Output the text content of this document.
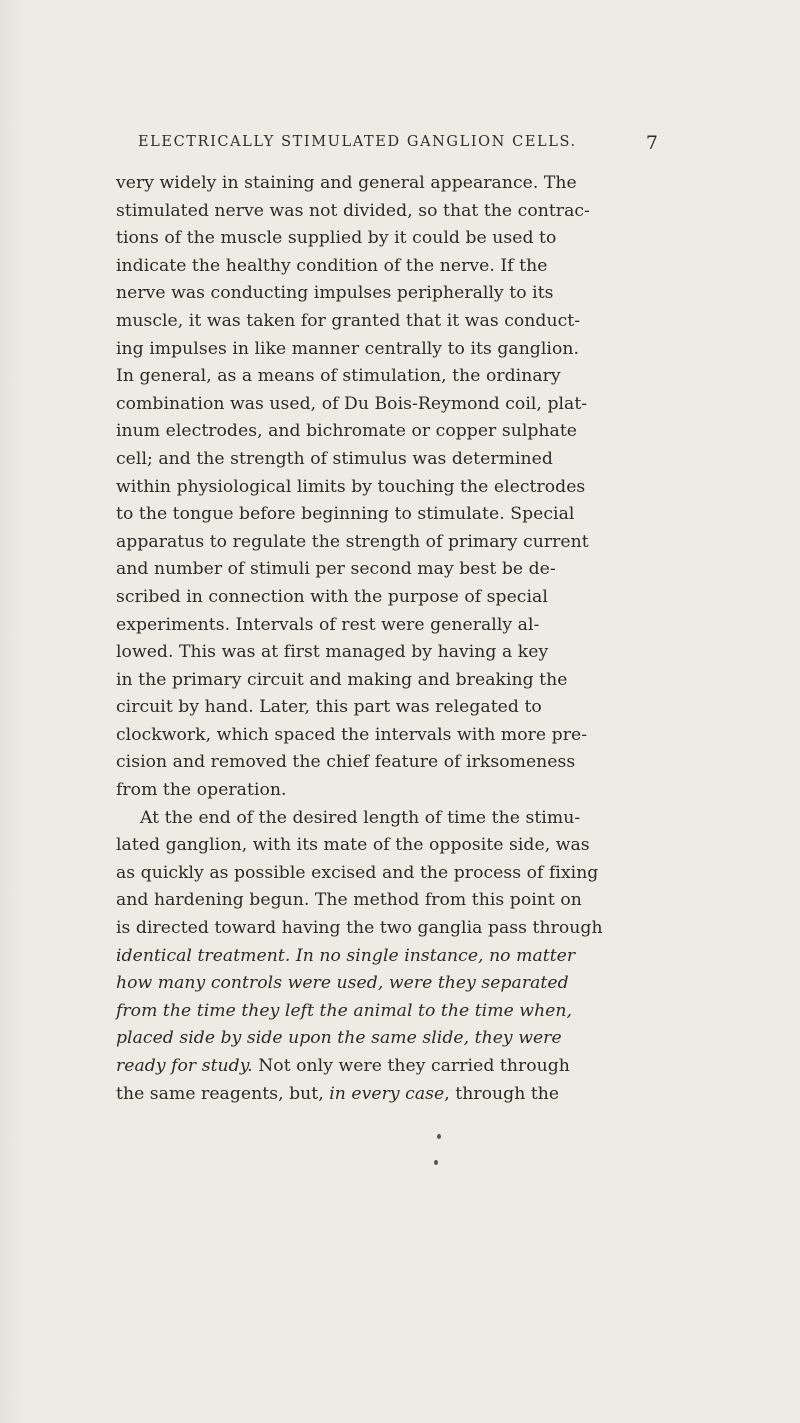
ELECTRICALLY STIMULATED GANGLION CELLS.	7
very widely in staining and general appearance. The
stimulated nerve was not divided, so that the contrac-
tions of the muscle supplied by it could be used to
indicate the healthy condition of the nerve. If the
nerve was conducting impulses peripherally to its
muscle, it was taken for granted that it was conduct-
ing impulses in like manner centrally to its ganglion.
In general, as a means of stimulation, the ordinary
combination was used, of Du Bois-Reymond coil, plat-
inum electrodes, and bichromate or copper sulphate
cell; and the strength of stimulus was determined
within physiological limits by touching the electrodes
to the tongue before beginning to stimulate. Special
apparatus to regulate the strength of primary current
and number of stimuli per second may best be de-
scribed in connection with the purpose of special
experiments. Intervals of rest were generally al-
lowed. This was at first managed by having a key
in the primary circuit and making and breaking the
circuit by hand. Later, this part was relegated to
clockwork, which spaced the intervals with more pre-
cision and removed the chief feature of irksomeness
from the operation.
At the end of the desired length of time the stimu-
lated ganglion, with its mate of the opposite side, was
as quickly as possible excised and the process of fixing
and hardening begun. The method from this point on
is directed toward having the two ganglia pass through
identical treatment. In no single instance, no matter
how many controls were used, were they separated
from the time they left the animal to the time when,
placed side by side upon the same slide, they were
ready for study. Not only were they carried through
the same reagents, but, in every case, through the
